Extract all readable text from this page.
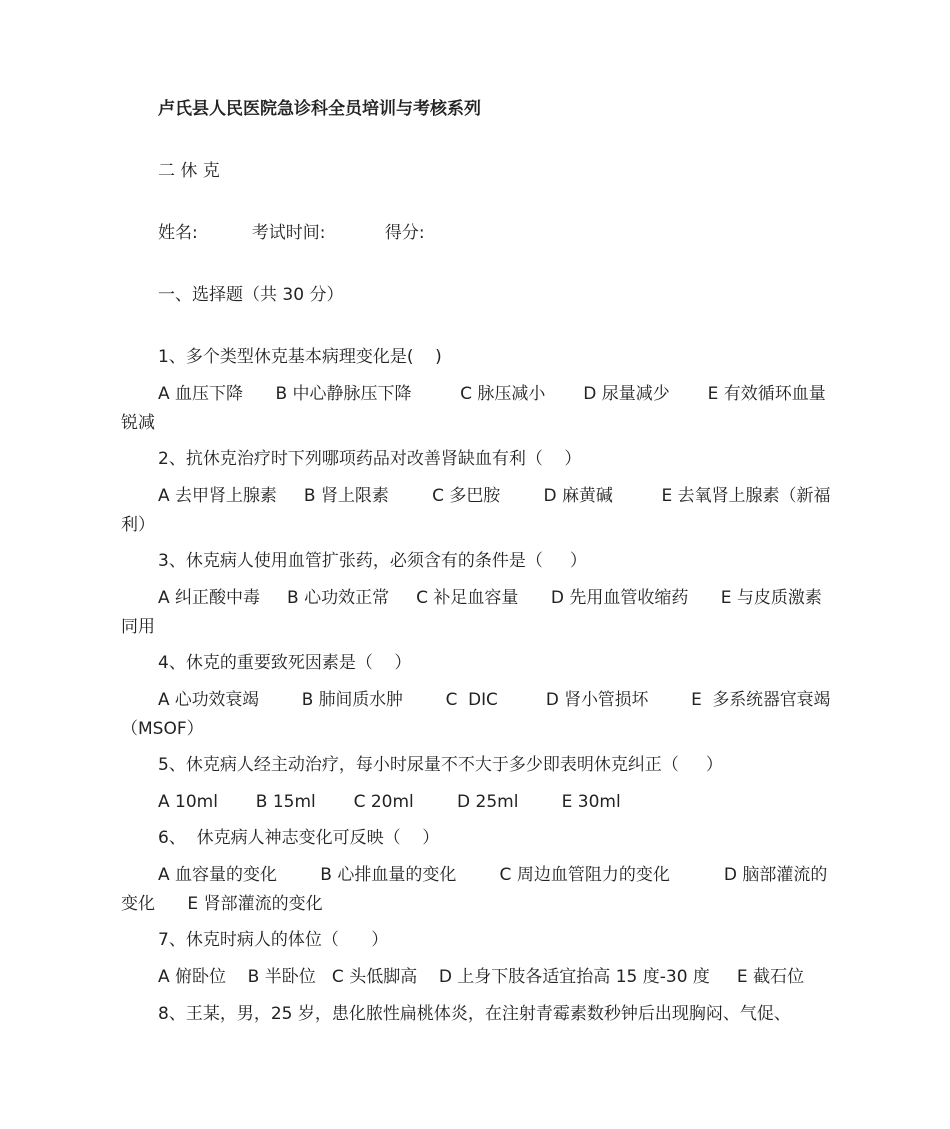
卢氏县人民医院急诊科全员培训与考核系列
二 休 克
姓名:          考试时间:           得分:
一、选择题（共 30 分）
1、多个类型休克基本病理变化是(    )
A 血压下降      B 中心静脉压下降         C 脉压减小       D 尿量减少       E 有效循环血量
锐减
2、抗休克治疗时下列哪项药品对改善肾缺血有利（    ）
A 去甲肾上腺素     B 肾上限素        C 多巴胺        D 麻黄碱         E 去氧肾上腺素（新福
利）
3、休克病人使用血管扩张药，必须含有的条件是（     ）
A 纠正酸中毒     B 心功效正常     C 补足血容量      D 先用血管收缩药      E 与皮质激素
同用
4、休克的重要致死因素是（    ）
A 心功效衰竭        B 肺间质水肿        C  DIC         D 肾小管损坏        E  多系统器官衰竭
（MSOF）
5、休克病人经主动治疗，每小时尿量不不大于多少即表明休克纠正（     ）
A 10ml       B 15ml       C 20ml        D 25ml        E 30ml
6、  休克病人神志变化可反映（    ）
A 血容量的变化        B 心排血量的变化        C 周边血管阻力的变化          D 脑部灌流的
变化      E 肾部灌流的变化
7、休克时病人的体位（      ）
A 俯卧位    B 半卧位   C 头低脚高    D 上身下肢各适宜抬高 15 度-30 度     E 截石位
8、王某，男，25 岁，患化脓性扁桃体炎，在注射青霉素数秒钟后出现胸闷、气促、
